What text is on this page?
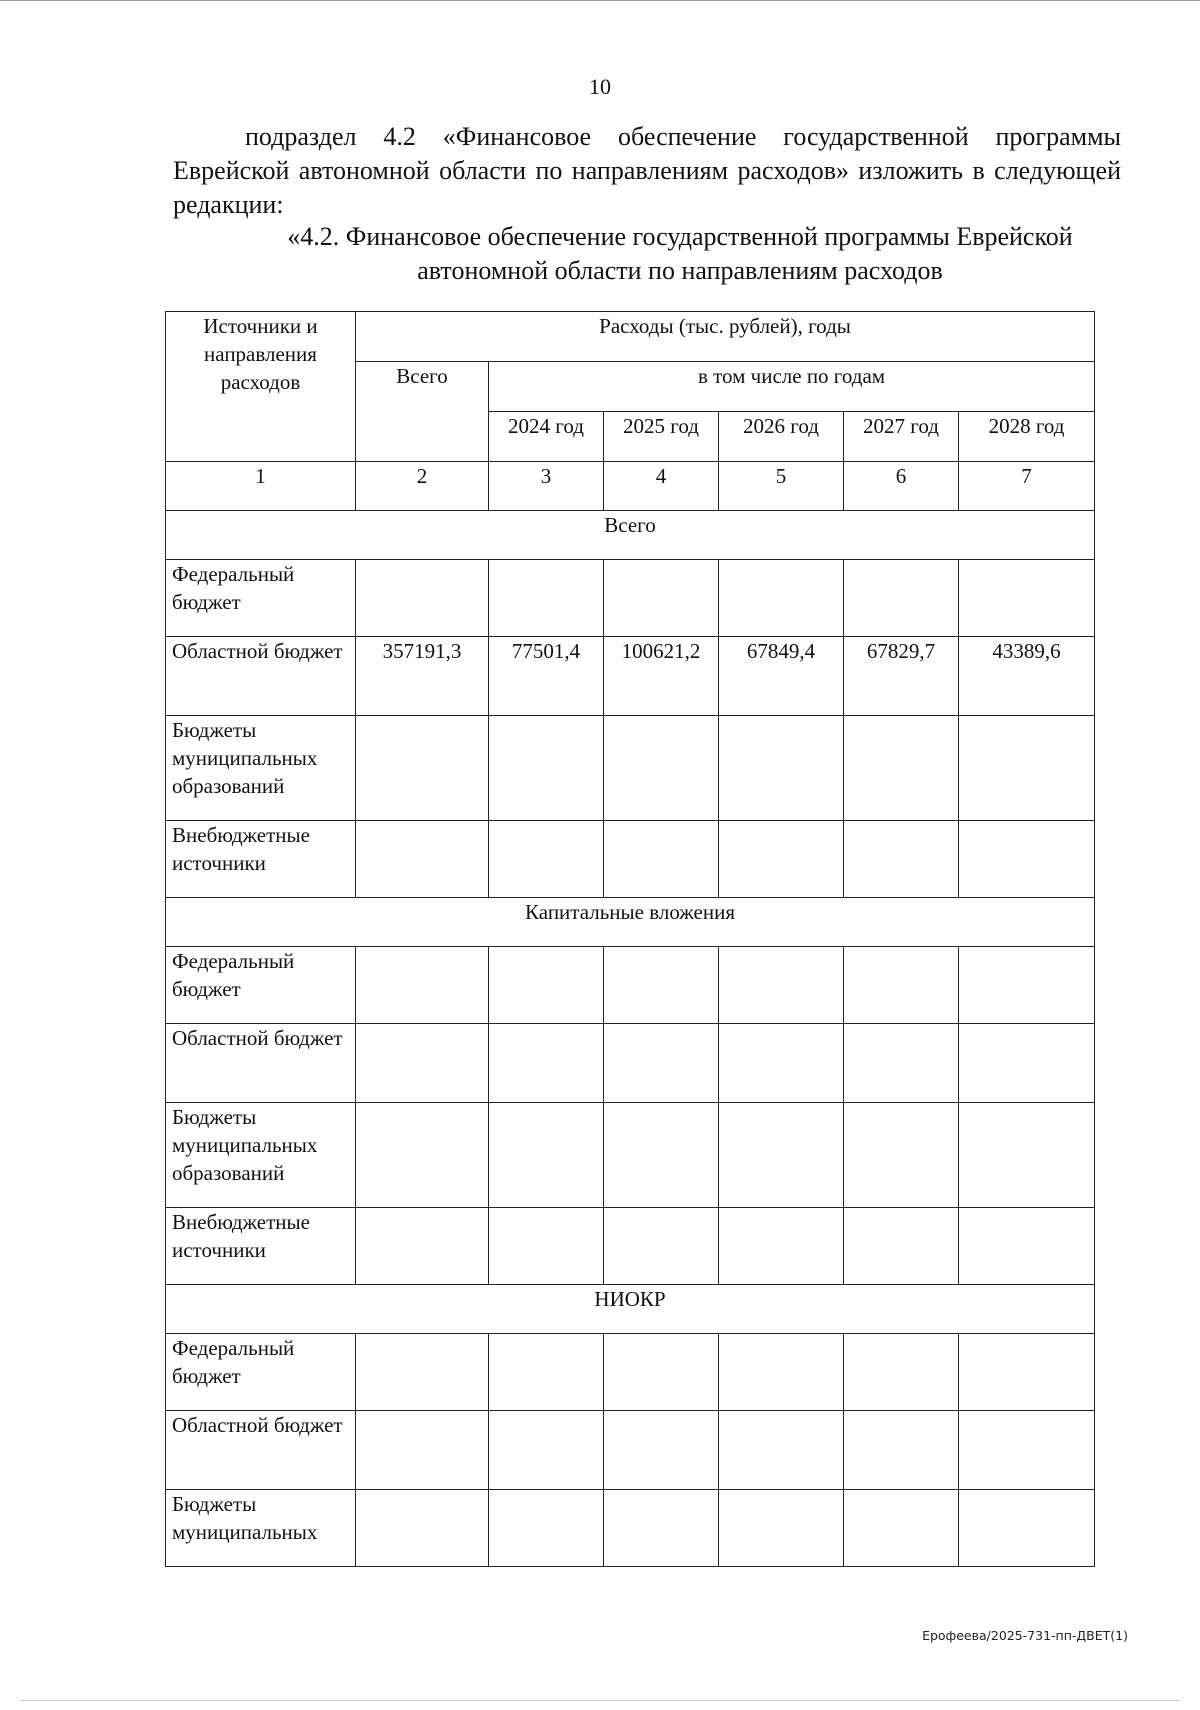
10

подраздел 4.2 «Финансовое обеспечение государственной программы Еврейской автономной области по направлениям расходов» изложить в следующей редакции:

«4.2. Финансовое обеспечение государственной программы Еврейской автономной области по направлениям расходов

Источники и направления расходов	Расходы (тыс. рублей), годы					
	Всего	в том числе по годам				
		2024 год	2025 год	2026 год	2027 год	2028 год
1	2	3	4	5	6	7
Всего						
Федеральный бюджет						
Областной бюджет	357191,3	77501,4	100621,2	67849,4	67829,7	43389,6
Бюджеты муниципальных образований						
Внебюджетные источники						
Капитальные вложения						
Федеральный бюджет						
Областной бюджет						
Бюджеты муниципальных образований						
Внебюджетные источники						
НИОКР						
Федеральный бюджет						
Областной бюджет						
Бюджеты муниципальных						
Ерофеева/2025-731-пп-ДВЕТ(1)
